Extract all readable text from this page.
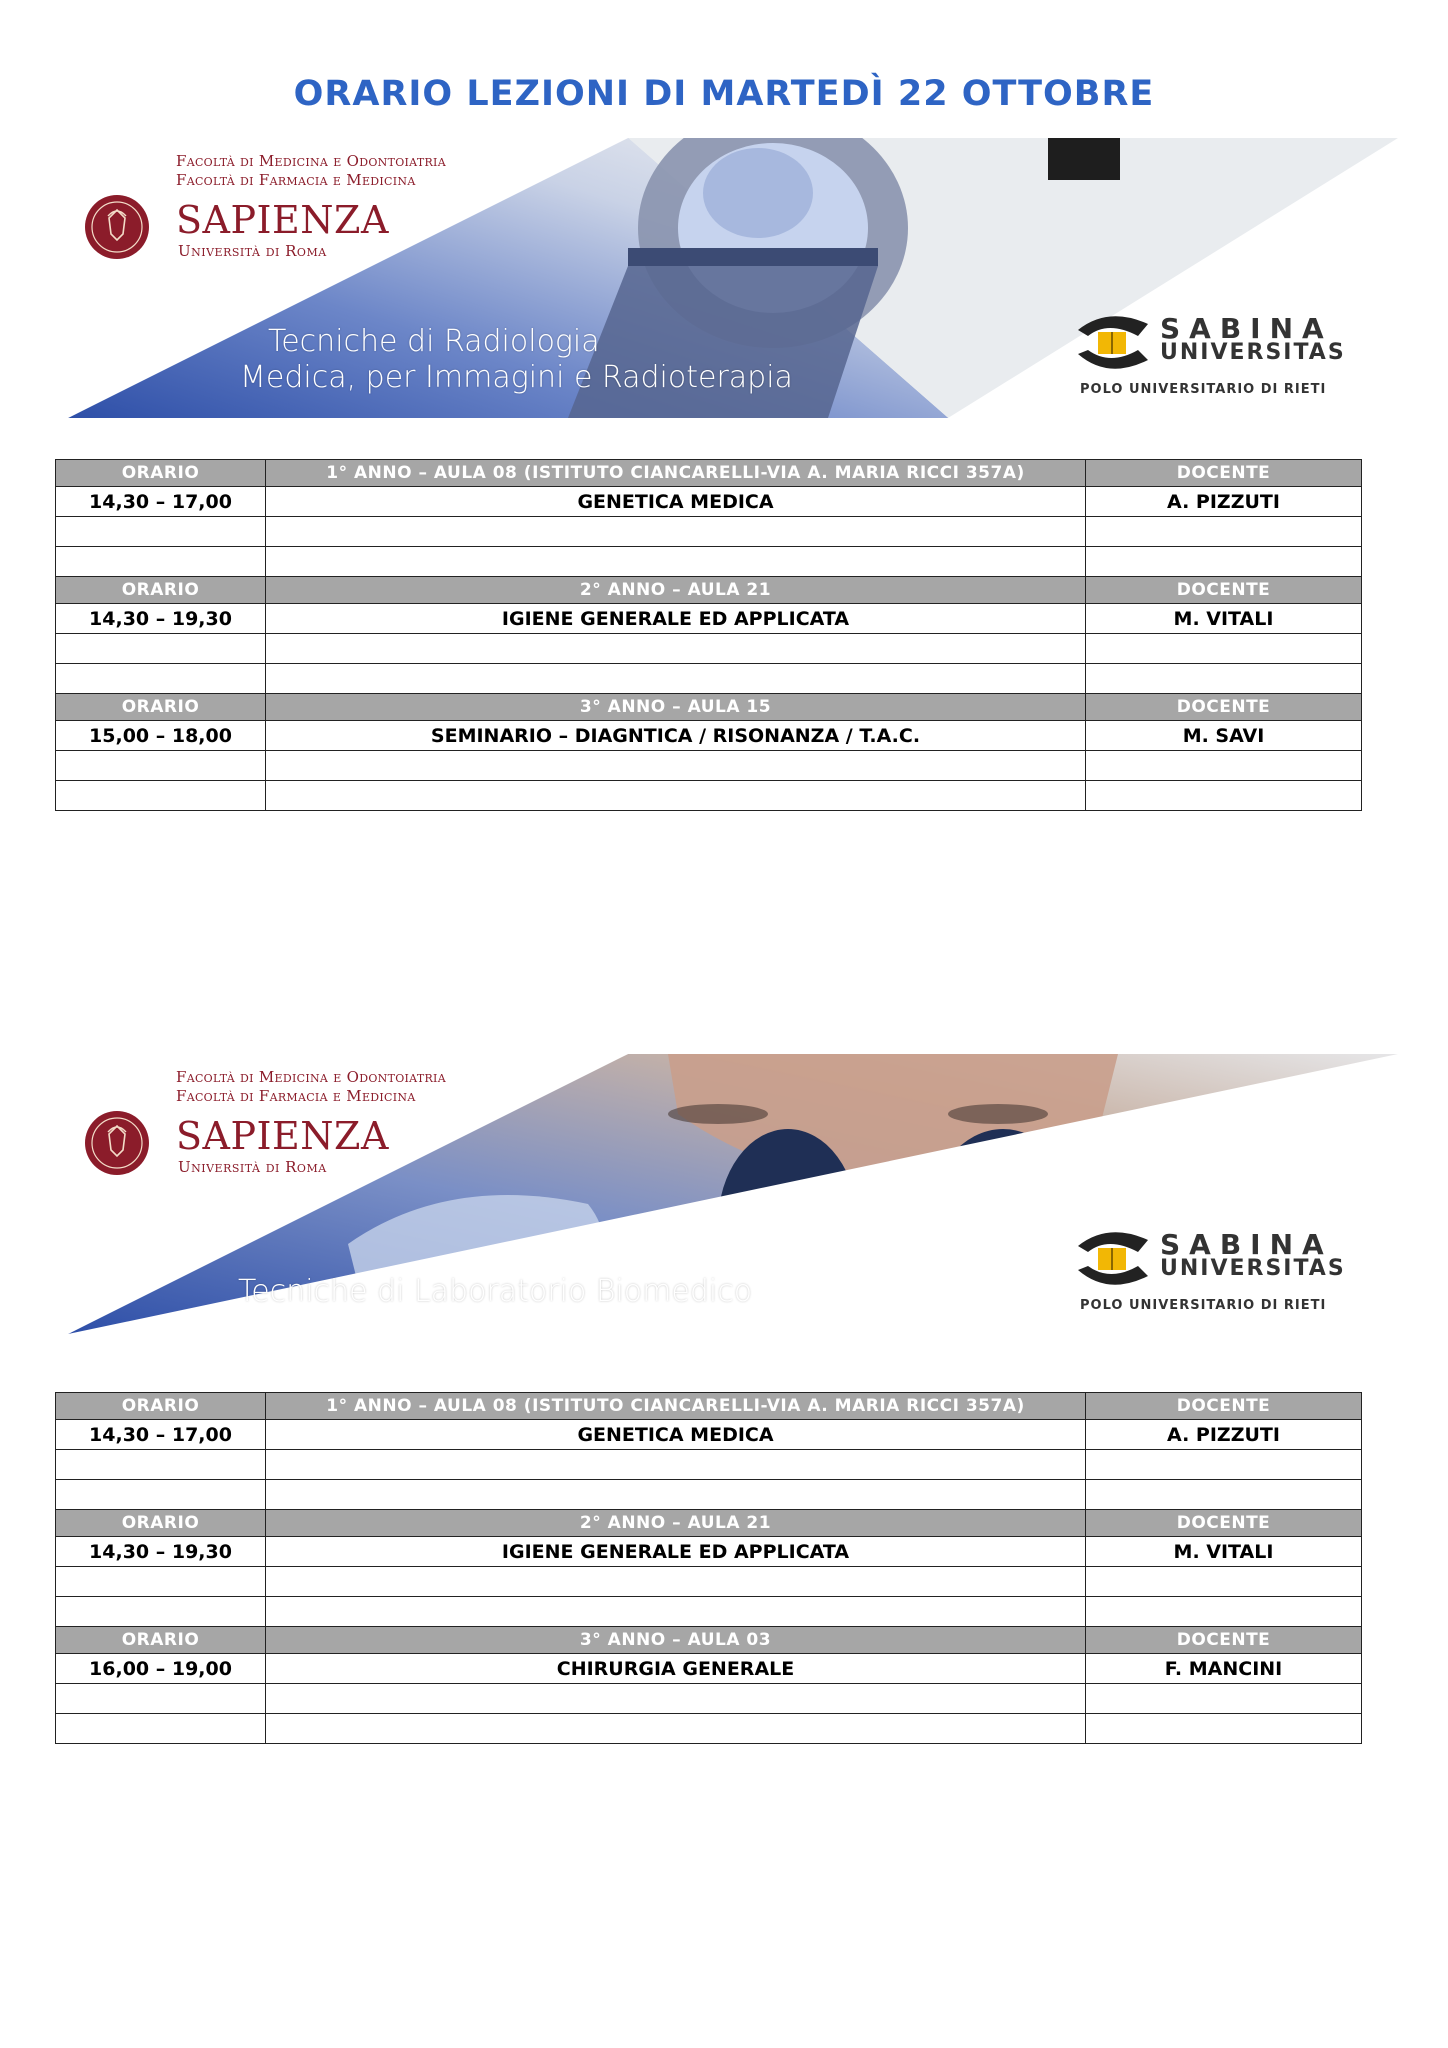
ORARIO LEZIONI DI MARTEDÌ 22 OTTOBRE
Facoltà di Medicina e Odontoiatria
Facoltà di Farmacia e Medicina
SAPIENZA
Università di Roma
Tecniche di Radiologia
Medica, per Immagini e Radioterapia
SABINA
UNIVERSITAS
POLO UNIVERSITARIO DI RIETI
ORARIO	1° ANNO – AULA 08 (ISTITUTO CIANCARELLI-VIA A. MARIA RICCI 357A)	DOCENTE
14,30 – 17,00	GENETICA MEDICA	A. PIZZUTI

ORARIO	2° ANNO – AULA 21	DOCENTE
14,30 – 19,30	IGIENE GENERALE ED APPLICATA	M. VITALI

ORARIO	3° ANNO – AULA 15	DOCENTE
15,00 – 18,00	SEMINARIO – DIAGNTICA / RISONANZA / T.A.C.	M. SAVI

Facoltà di Medicina e Odontoiatria
Facoltà di Farmacia e Medicina
SAPIENZA
Università di Roma
Tecniche di Laboratorio Biomedico
SABINA
UNIVERSITAS
POLO UNIVERSITARIO DI RIETI
ORARIO	1° ANNO – AULA 08 (ISTITUTO CIANCARELLI-VIA A. MARIA RICCI 357A)	DOCENTE
14,30 – 17,00	GENETICA MEDICA	A. PIZZUTI

ORARIO	2° ANNO – AULA 21	DOCENTE
14,30 – 19,30	IGIENE GENERALE ED APPLICATA	M. VITALI

ORARIO	3° ANNO – AULA 03	DOCENTE
16,00 – 19,00	CHIRURGIA GENERALE	F. MANCINI
